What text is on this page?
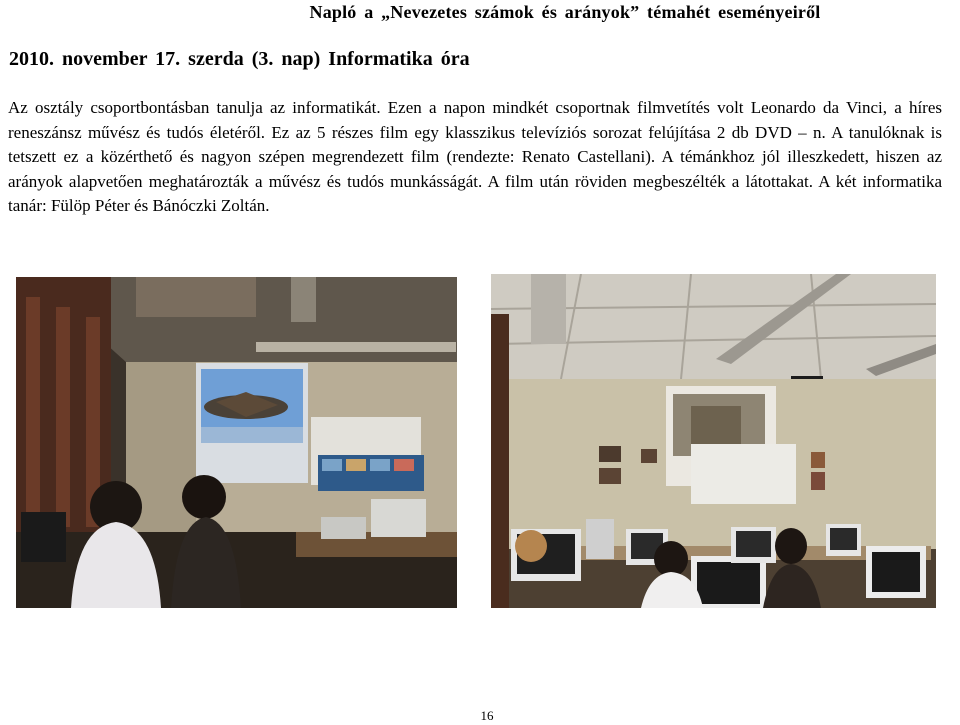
Napló a „Nevezetes számok és arányok” témahét eseményeiről
2010. november 17. szerda (3. nap) Informatika óra

Az osztály csoportbontásban tanulja az informatikát. Ezen a napon mindkét csoportnak filmvetítés volt Leonardo da Vinci, a híres reneszánsz művész és tudós életéről. Ez az 5 részes film egy klasszikus televíziós sorozat felújítása 2 db DVD – n. A tanulóknak is tetszett ez a közérthető és nagyon szépen megrendezett film (rendezte: Renato Castellani). A témánkhoz jól illeszkedett, hiszen az arányok alapvetően meghatározták a művész és tudós munkásságát. A film után röviden megbeszélték a látottakat. A két informatika tanár: Fülöp Péter és Bánóczki Zoltán.

16
